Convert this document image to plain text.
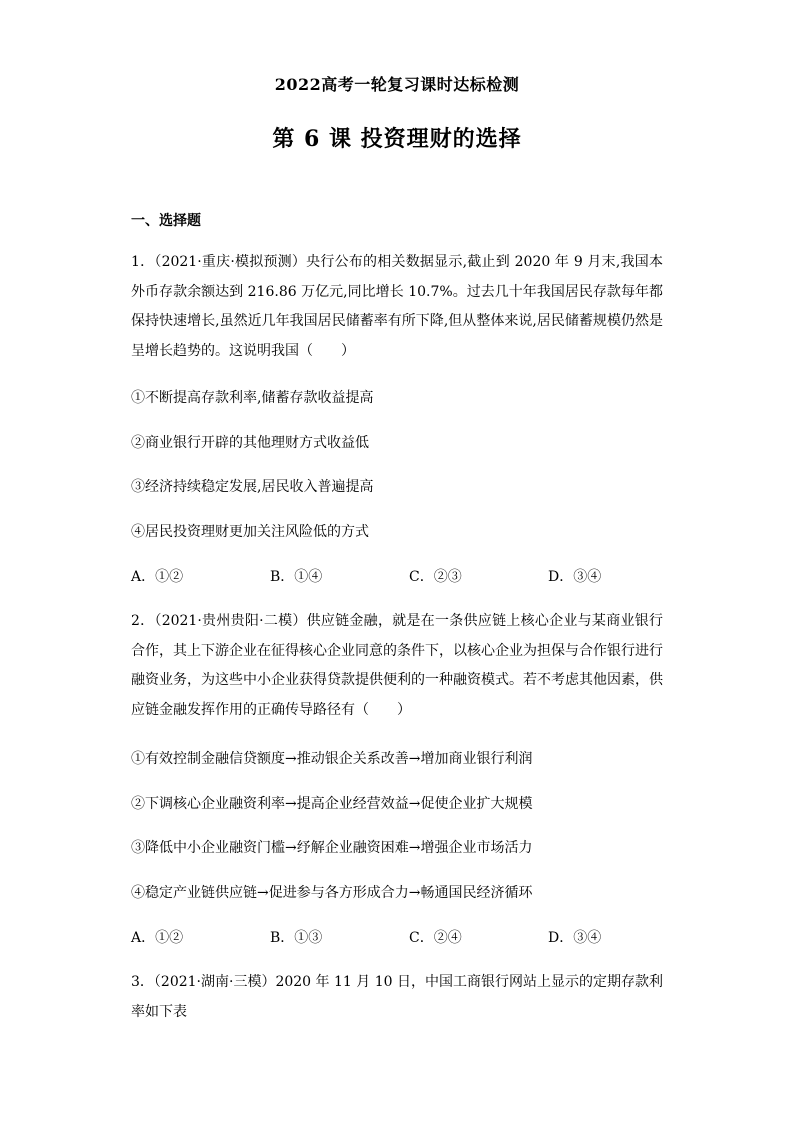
2022高考一轮复习课时达标检测
第 6 课 投资理财的选择
一、选择题
1．（2021·重庆·模拟预测）央行公布的相关数据显示,截止到 2020 年 9 月末,我国本外币存款余额达到 216.86 万亿元,同比增长 10.7%。过去几十年我国居民存款每年都保持快速增长,虽然近几年我国居民储蓄率有所下降,但从整体来说,居民储蓄规模仍然是呈增长趋势的。这说明我国（　　）
①不断提高存款利率,储蓄存款收益提高
②商业银行开辟的其他理财方式收益低
③经济持续稳定发展,居民收入普遍提高
④居民投资理财更加关注风险低的方式
A．①②	B．①④	C．②③	D．③④
2．（2021·贵州贵阳·二模）供应链金融，就是在一条供应链上核心企业与某商业银行合作，其上下游企业在征得核心企业同意的条件下，以核心企业为担保与合作银行进行融资业务，为这些中小企业获得贷款提供便利的一种融资模式。若不考虑其他因素，供应链金融发挥作用的正确传导路径有（　　）
①有效控制金融信贷额度→推动银企关系改善→增加商业银行利润
②下调核心企业融资利率→提高企业经营效益→促使企业扩大规模
③降低中小企业融资门槛→纾解企业融资困难→增强企业市场活力
④稳定产业链供应链→促进参与各方形成合力→畅通国民经济循环
A．①②	B．①③	C．②④	D．③④
3．（2021·湖南·三模）2020 年 11 月 10 日，中国工商银行网站上显示的定期存款利率如下表
